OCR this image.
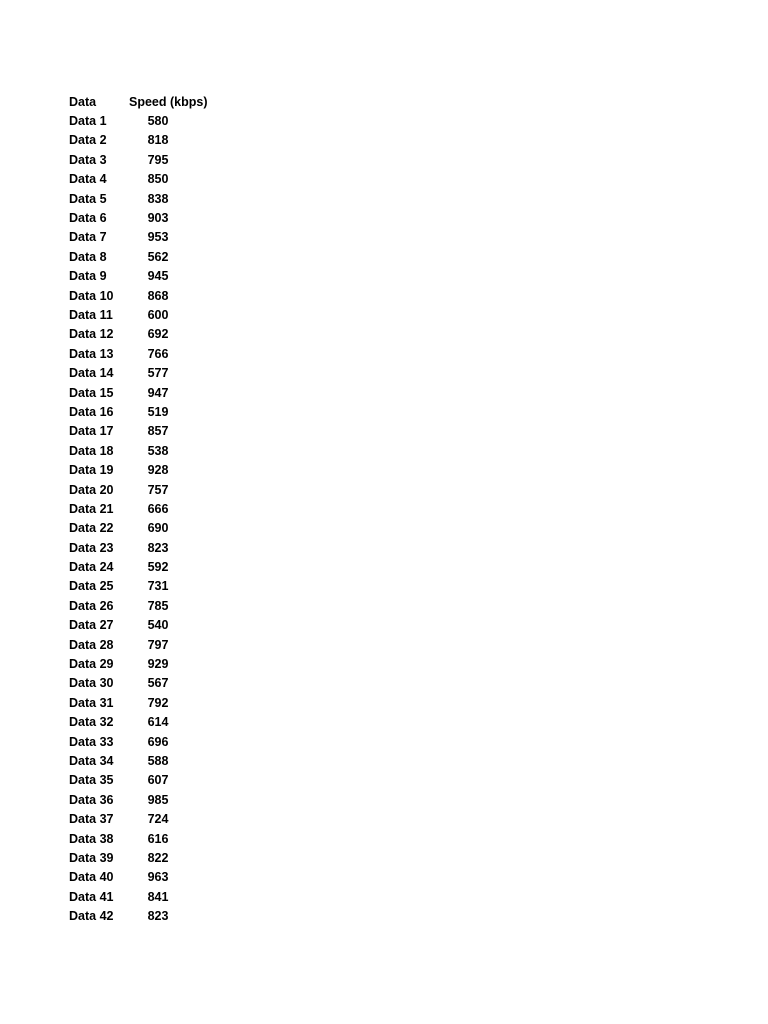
Data	Speed (kbps)
Data 1	580
Data 2	818
Data 3	795
Data 4	850
Data 5	838
Data 6	903
Data 7	953
Data 8	562
Data 9	945
Data 10	868
Data 11	600
Data 12	692
Data 13	766
Data 14	577
Data 15	947
Data 16	519
Data 17	857
Data 18	538
Data 19	928
Data 20	757
Data 21	666
Data 22	690
Data 23	823
Data 24	592
Data 25	731
Data 26	785
Data 27	540
Data 28	797
Data 29	929
Data 30	567
Data 31	792
Data 32	614
Data 33	696
Data 34	588
Data 35	607
Data 36	985
Data 37	724
Data 38	616
Data 39	822
Data 40	963
Data 41	841
Data 42	823
